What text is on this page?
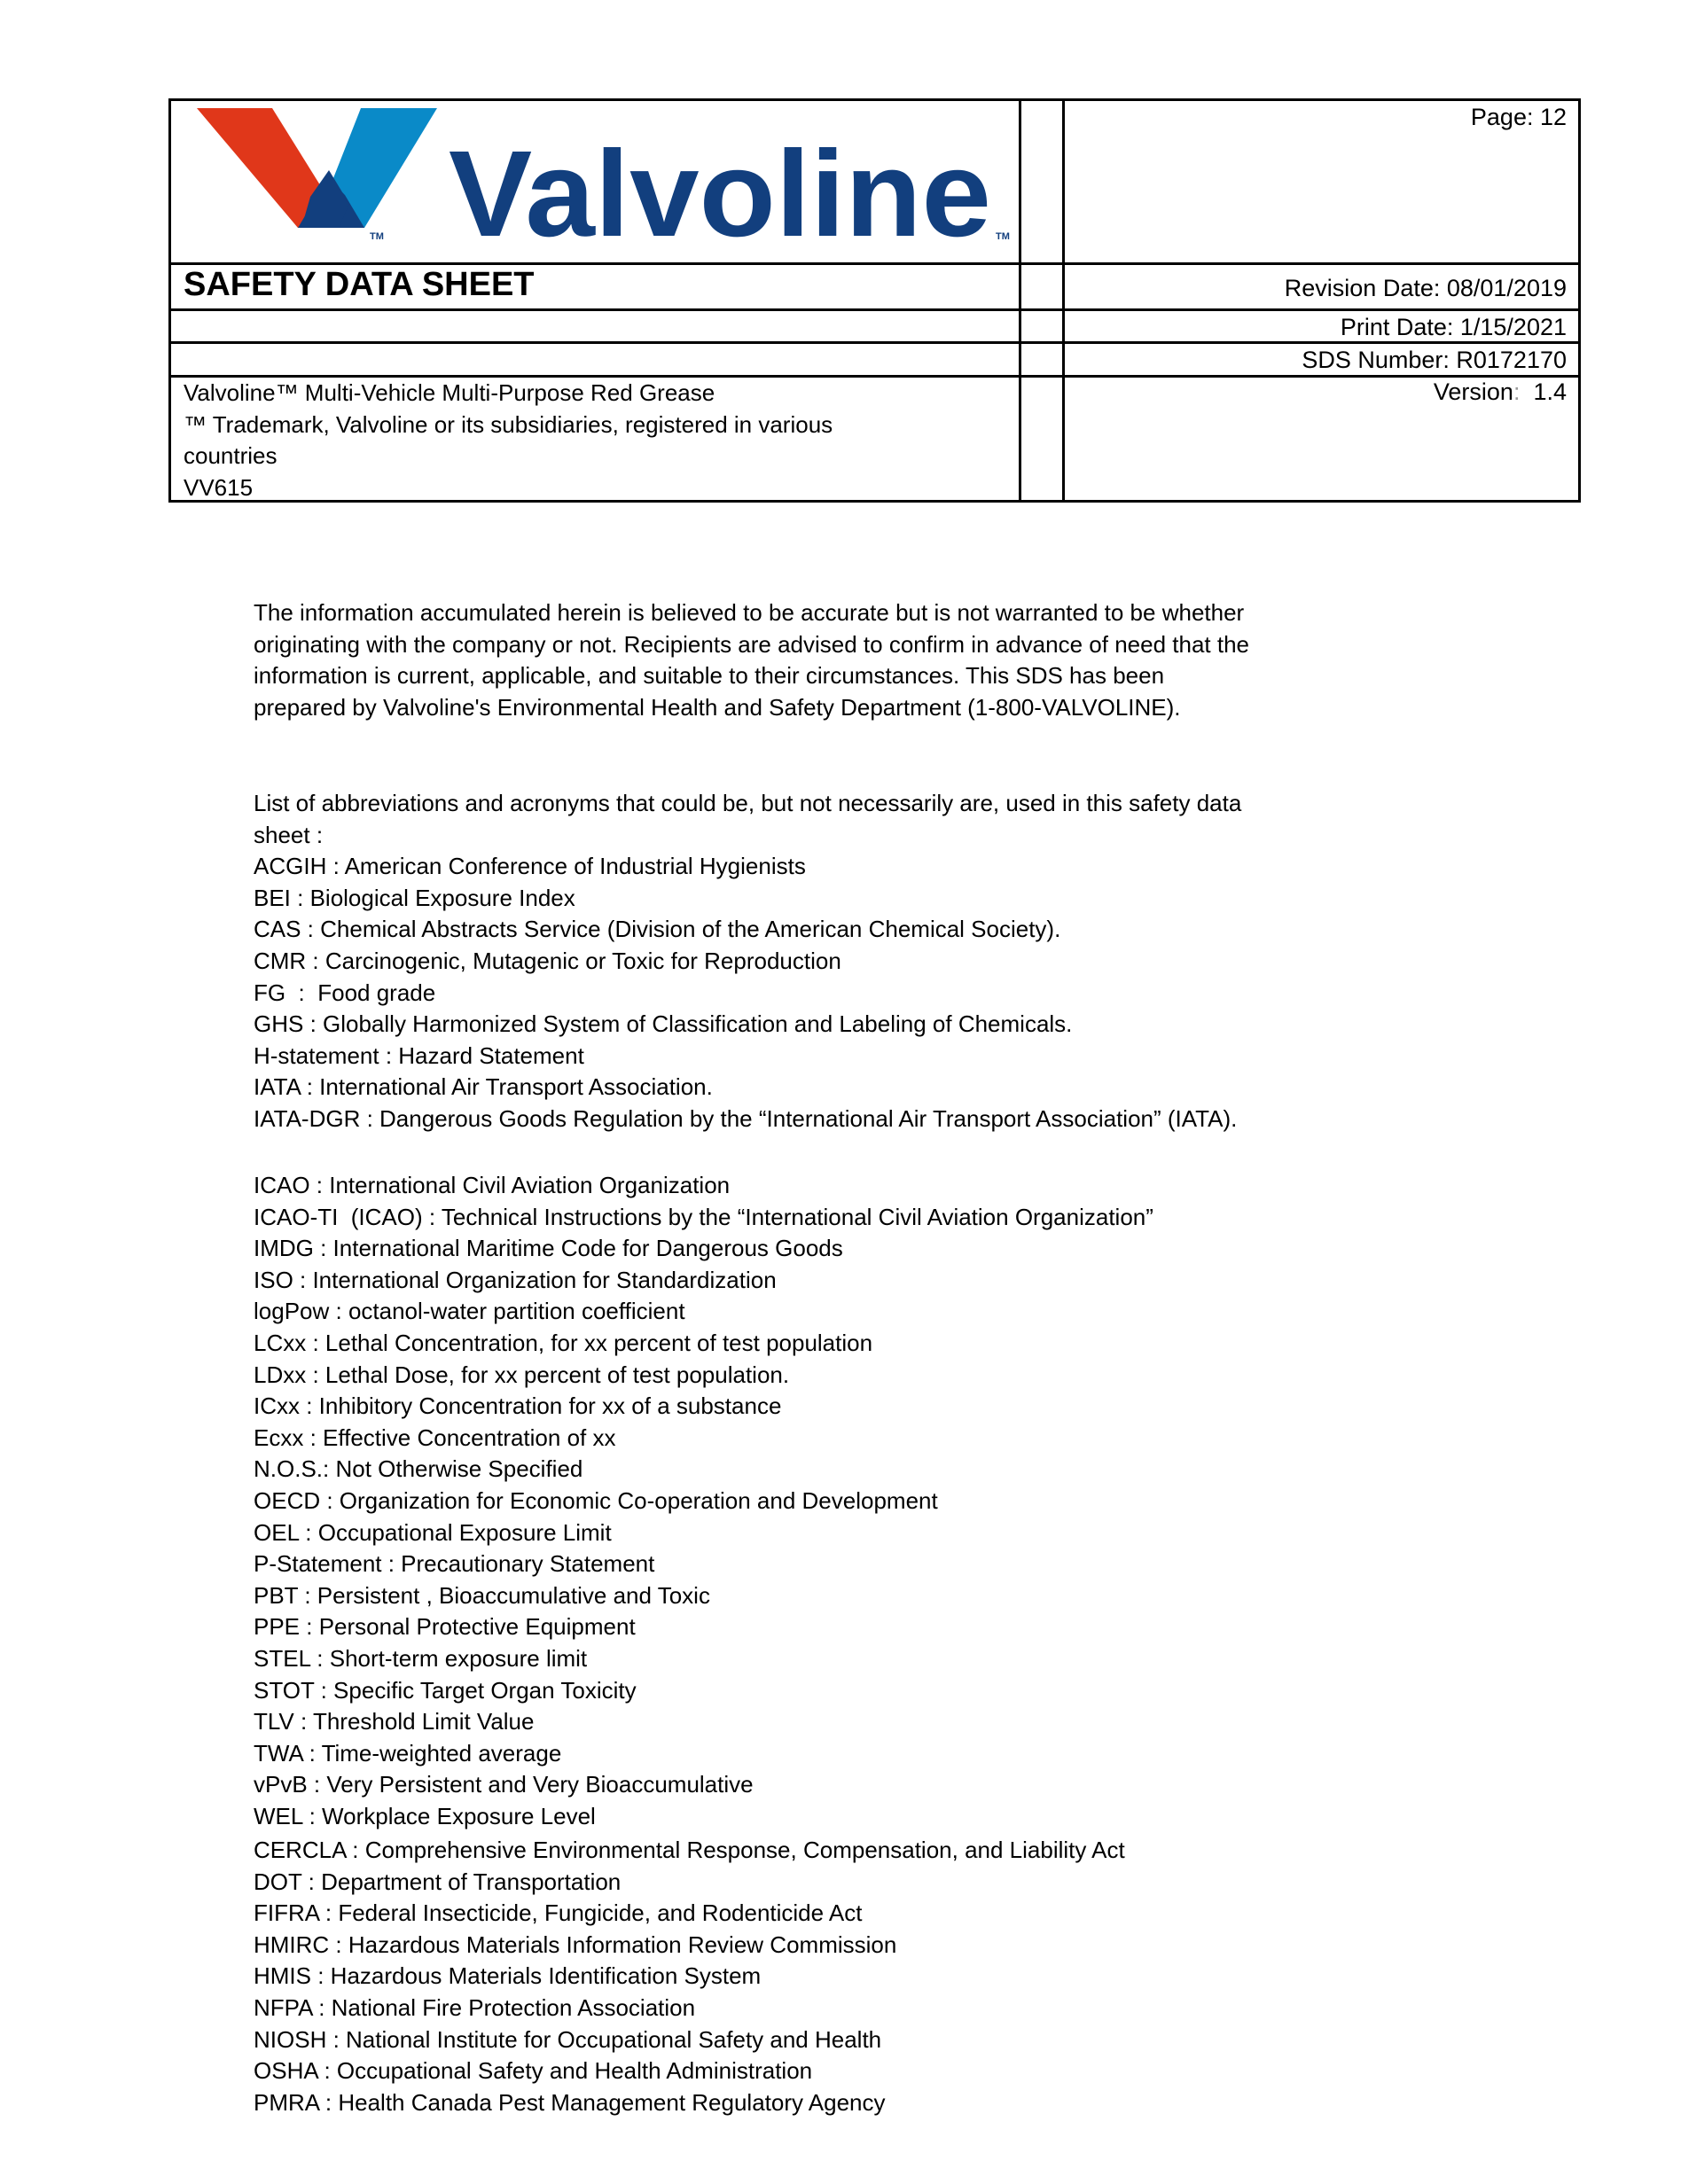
TM Valvoline TM
SAFETY DATA SHEET
Valvoline™ Multi-Vehicle Multi-Purpose Red Grease
™ Trademark, Valvoline or its subsidiaries, registered in various
countries
VV615
Page: 12
Revision Date: 08/01/2019
Print Date: 1/15/2021
SDS Number: R0172170
Version:  1.4
The information accumulated herein is believed to be accurate but is not warranted to be whether
originating with the company or not. Recipients are advised to confirm in advance of need that the
information is current, applicable, and suitable to their circumstances. This SDS has been
prepared by Valvoline's Environmental Health and Safety Department (1-800-VALVOLINE).
List of abbreviations and acronyms that could be, but not necessarily are, used in this safety data
sheet :
ACGIH : American Conference of Industrial Hygienists
BEI : Biological Exposure Index
CAS : Chemical Abstracts Service (Division of the American Chemical Society).
CMR : Carcinogenic, Mutagenic or Toxic for Reproduction
FG  :  Food grade
GHS : Globally Harmonized System of Classification and Labeling of Chemicals.
H-statement : Hazard Statement
IATA : International Air Transport Association.
IATA-DGR : Dangerous Goods Regulation by the “International Air Transport Association” (IATA).
ICAO : International Civil Aviation Organization
ICAO-TI  (ICAO) : Technical Instructions by the “International Civil Aviation Organization”
IMDG : International Maritime Code for Dangerous Goods
ISO : International Organization for Standardization
logPow : octanol-water partition coefficient
LCxx : Lethal Concentration, for xx percent of test population
LDxx : Lethal Dose, for xx percent of test population.
ICxx : Inhibitory Concentration for xx of a substance
Ecxx : Effective Concentration of xx
N.O.S.: Not Otherwise Specified
OECD : Organization for Economic Co-operation and Development
OEL : Occupational Exposure Limit
P-Statement : Precautionary Statement
PBT : Persistent , Bioaccumulative and Toxic
PPE : Personal Protective Equipment
STEL : Short-term exposure limit
STOT : Specific Target Organ Toxicity
TLV : Threshold Limit Value
TWA : Time-weighted average
vPvB : Very Persistent and Very Bioaccumulative
WEL : Workplace Exposure Level
CERCLA : Comprehensive Environmental Response, Compensation, and Liability Act
DOT : Department of Transportation
FIFRA : Federal Insecticide, Fungicide, and Rodenticide Act
HMIRC : Hazardous Materials Information Review Commission
HMIS : Hazardous Materials Identification System
NFPA : National Fire Protection Association
NIOSH : National Institute for Occupational Safety and Health
OSHA : Occupational Safety and Health Administration
PMRA : Health Canada Pest Management Regulatory Agency
